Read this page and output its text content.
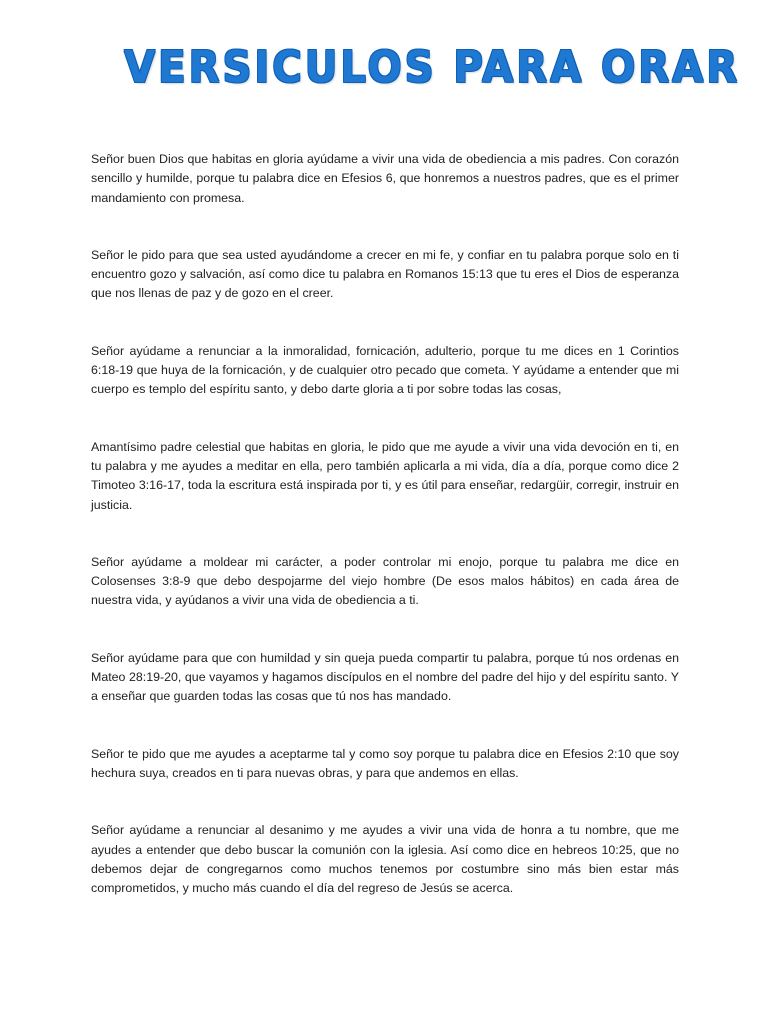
VERSICULOS PARA ORAR

Señor buen Dios que habitas en gloria ayúdame a vivir una vida de obediencia a mis padres. Con corazón sencillo y humilde, porque tu palabra dice en Efesios 6, que honremos a nuestros padres, que es el primer mandamiento con promesa.

Señor le pido para que sea usted ayudándome a crecer en mi fe, y confiar en tu palabra porque solo en ti encuentro gozo y salvación, así como dice tu palabra en Romanos 15:13 que tu eres el Dios de esperanza que nos llenas de paz y de gozo en el creer.

Señor ayúdame a renunciar a la inmoralidad, fornicación, adulterio, porque tu me dices en 1 Corintios 6:18-19 que huya de la fornicación, y de cualquier otro pecado que cometa. Y ayúdame a entender que mi cuerpo es templo del espíritu santo, y debo darte gloria a ti por sobre todas las cosas,

Amantísimo padre celestial que habitas en gloria, le pido que me ayude a vivir una vida devoción en ti, en tu palabra y me ayudes a meditar en ella, pero también aplicarla a mi vida, día a día, porque como dice 2 Timoteo 3:16-17, toda la escritura está inspirada por ti, y es útil para enseñar, redargüir, corregir, instruir en justicia.

Señor ayúdame a moldear mi carácter, a poder controlar mi enojo, porque tu palabra me dice en Colosenses 3:8-9 que debo despojarme del viejo hombre (De esos malos hábitos) en cada área de nuestra vida, y ayúdanos a vivir una vida de obediencia a ti.

Señor ayúdame para que con humildad y sin queja pueda compartir tu palabra, porque tú nos ordenas en Mateo 28:19-20, que vayamos y hagamos discípulos en el nombre del padre del hijo y del espíritu santo. Y a enseñar que guarden todas las cosas que tú nos has mandado.

Señor te pido que me ayudes a aceptarme tal y como soy porque tu palabra dice en Efesios 2:10 que soy hechura suya, creados en ti para nuevas obras, y para que andemos en ellas.

Señor ayúdame a renunciar al desanimo y me ayudes a vivir una vida de honra a tu nombre, que me ayudes a entender que debo buscar la comunión con la iglesia. Así como dice en hebreos 10:25, que no debemos dejar de congregarnos como muchos tenemos por costumbre sino más bien estar más comprometidos, y mucho más cuando el día del regreso de Jesús se acerca.
